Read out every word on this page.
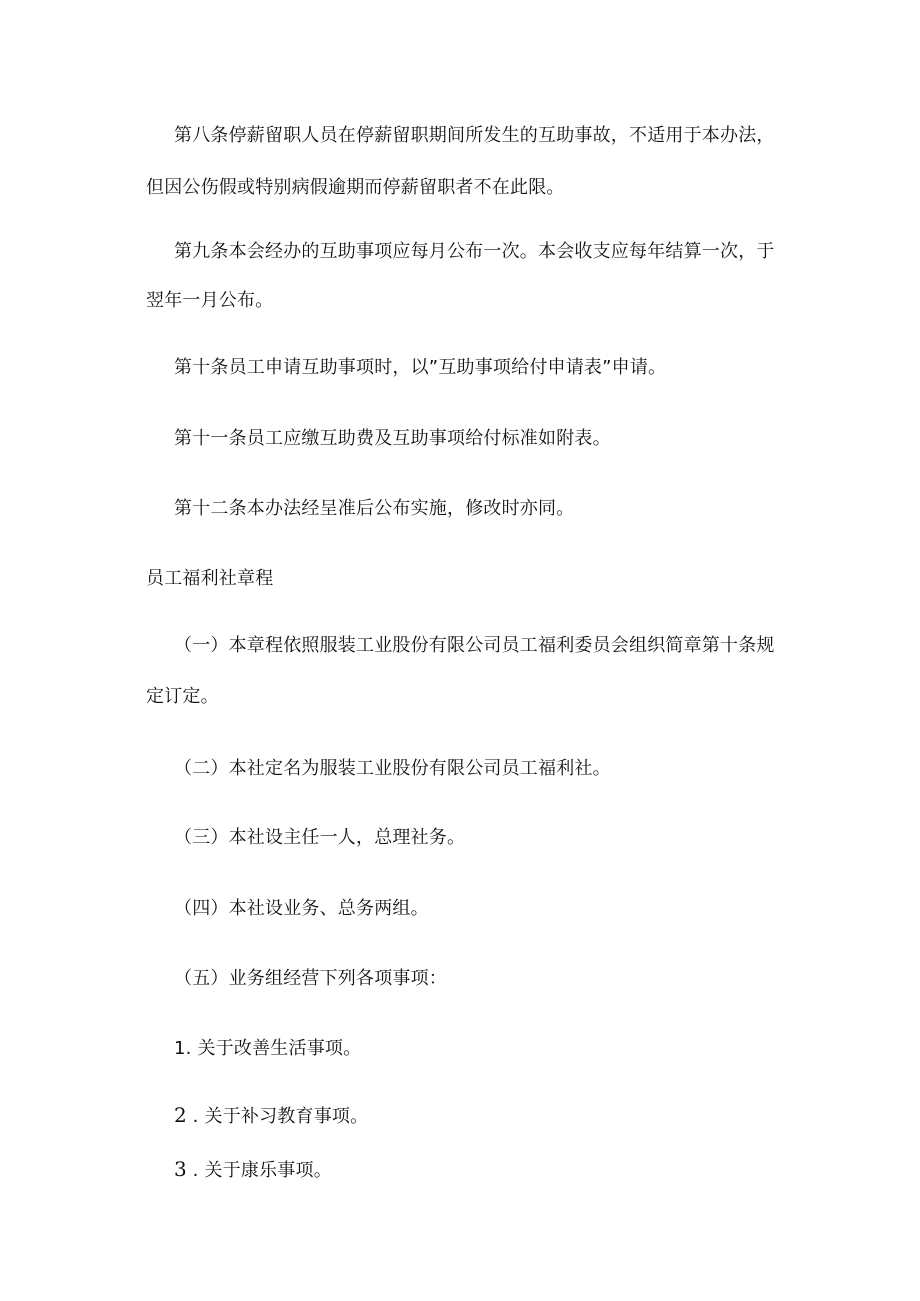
第八条停薪留职人员在停薪留职期间所发生的互助事故，不适用于本办法，
但因公伤假或特别病假逾期而停薪留职者不在此限。
第九条本会经办的互助事项应每月公布一次。本会收支应每年结算一次，于
翌年一月公布。
第十条员工申请互助事项时，以”互助事项给付申请表”申请。
第十一条员工应缴互助费及互助事项给付标准如附表。
第十二条本办法经呈准后公布实施，修改时亦同。
员工福利社章程
（一）本章程依照服装工业股份有限公司员工福利委员会组织简章第十条规
定订定。
（二）本社定名为服装工业股份有限公司员工福利社。
（三）本社设主任一人，总理社务。
（四）本社设业务、总务两组。
（五）业务组经营下列各项事项：
1. 关于改善生活事项。
2 . 关于补习教育事项。
3 . 关于康乐事项。
